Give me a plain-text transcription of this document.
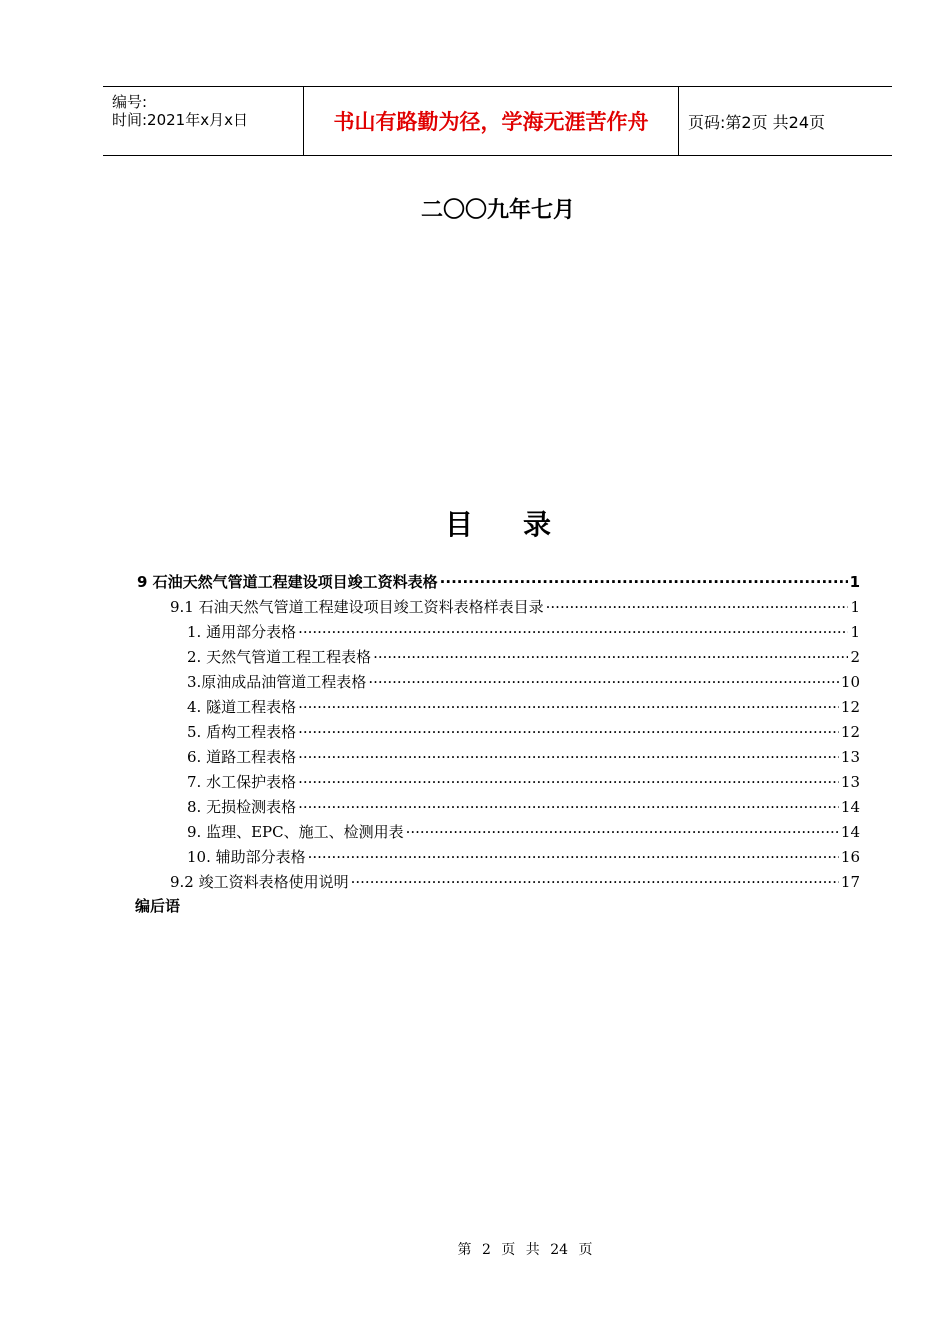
编号:
时间:2021年x月x日	书山有路勤为径，学海无涯苦作舟 页码:第2页 共24页
二〇〇九年七月
目录
9 石油天然气管道工程建设项目竣工资料表格 ·····	1
9.1 石油天然气管道工程建设项目竣工资料表格样表目录 ·····	1
1. 通用部分表格 ·····	1
2. 天然气管道工程工程表格 ·····	2
3.原油成品油管道工程表格 ·····	10
4. 隧道工程表格 ·····	12
5. 盾构工程表格 ·····	12
6. 道路工程表格 ·····	13
7. 水工保护表格 ·····	13
8. 无损检测表格 ·····	14
9. 监理、EPC、施工、检测用表 ·····	14
10. 辅助部分表格 ·····	16
9.2 竣工资料表格使用说明 ·····	17
编后语
第 2 页 共 24 页
